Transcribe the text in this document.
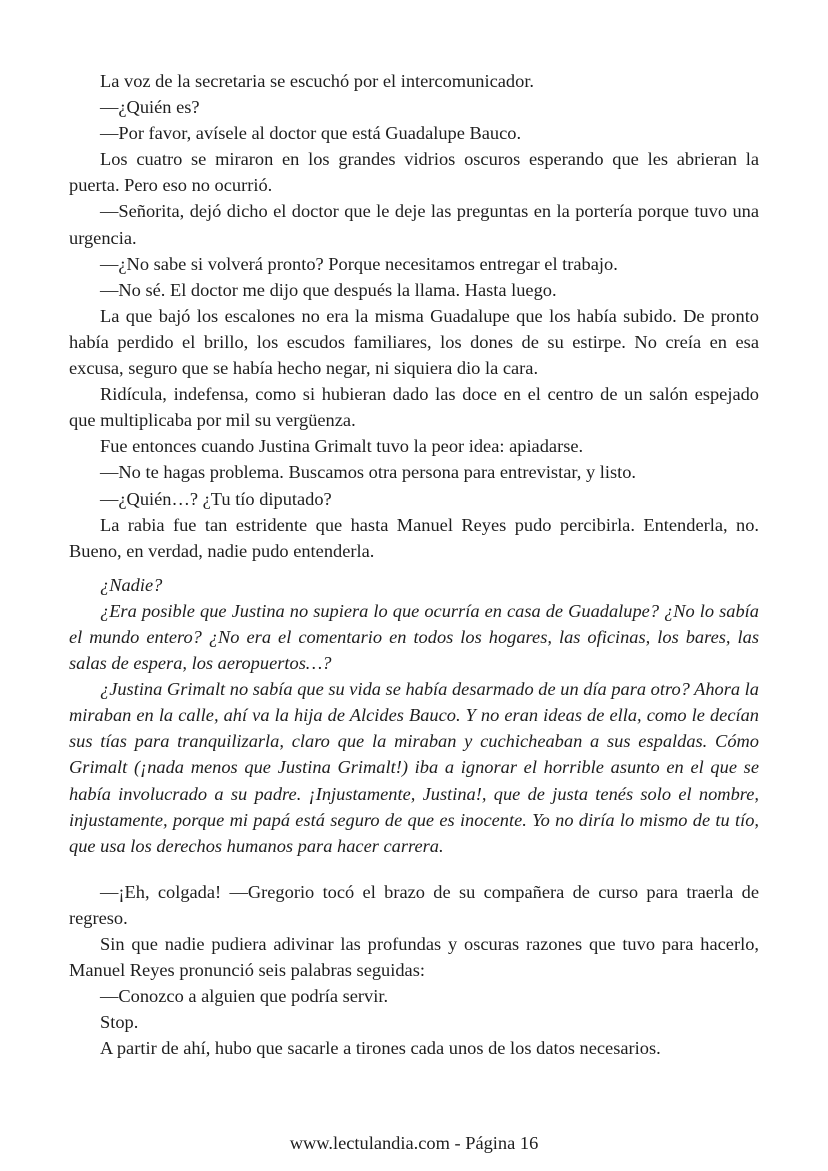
La voz de la secretaria se escuchó por el intercomunicador.

—¿Quién es?

—Por favor, avísele al doctor que está Guadalupe Bauco.

Los cuatro se miraron en los grandes vidrios oscuros esperando que les abrieran la puerta. Pero eso no ocurrió.

—Señorita, dejó dicho el doctor que le deje las preguntas en la portería porque tuvo una urgencia.

—¿No sabe si volverá pronto? Porque necesitamos entregar el trabajo.

—No sé. El doctor me dijo que después la llama. Hasta luego.

La que bajó los escalones no era la misma Guadalupe que los había subido. De pronto había perdido el brillo, los escudos familiares, los dones de su estirpe. No creía en esa excusa, seguro que se había hecho negar, ni siquiera dio la cara.

Ridícula, indefensa, como si hubieran dado las doce en el centro de un salón espejado que multiplicaba por mil su vergüenza.

Fue entonces cuando Justina Grimalt tuvo la peor idea: apiadarse.

—No te hagas problema. Buscamos otra persona para entrevistar, y listo.

—¿Quién…? ¿Tu tío diputado?

La rabia fue tan estridente que hasta Manuel Reyes pudo percibirla. Entenderla, no. Bueno, en verdad, nadie pudo entenderla.

¿Nadie?

¿Era posible que Justina no supiera lo que ocurría en casa de Guadalupe? ¿No lo sabía el mundo entero? ¿No era el comentario en todos los hogares, las oficinas, los bares, las salas de espera, los aeropuertos…?

¿Justina Grimalt no sabía que su vida se había desarmado de un día para otro? Ahora la miraban en la calle, ahí va la hija de Alcides Bauco. Y no eran ideas de ella, como le decían sus tías para tranquilizarla, claro que la miraban y cuchicheaban a sus espaldas. Cómo Grimalt (¡nada menos que Justina Grimalt!) iba a ignorar el horrible asunto en el que se había involucrado a su padre. ¡Injustamente, Justina!, que de justa tenés solo el nombre, injustamente, porque mi papá está seguro de que es inocente. Yo no diría lo mismo de tu tío, que usa los derechos humanos para hacer carrera.

—¡Eh, colgada! —Gregorio tocó el brazo de su compañera de curso para traerla de regreso.

Sin que nadie pudiera adivinar las profundas y oscuras razones que tuvo para hacerlo, Manuel Reyes pronunció seis palabras seguidas:

—Conozco a alguien que podría servir.

Stop.

A partir de ahí, hubo que sacarle a tirones cada unos de los datos necesarios.

www.lectulandia.com - Página 16
